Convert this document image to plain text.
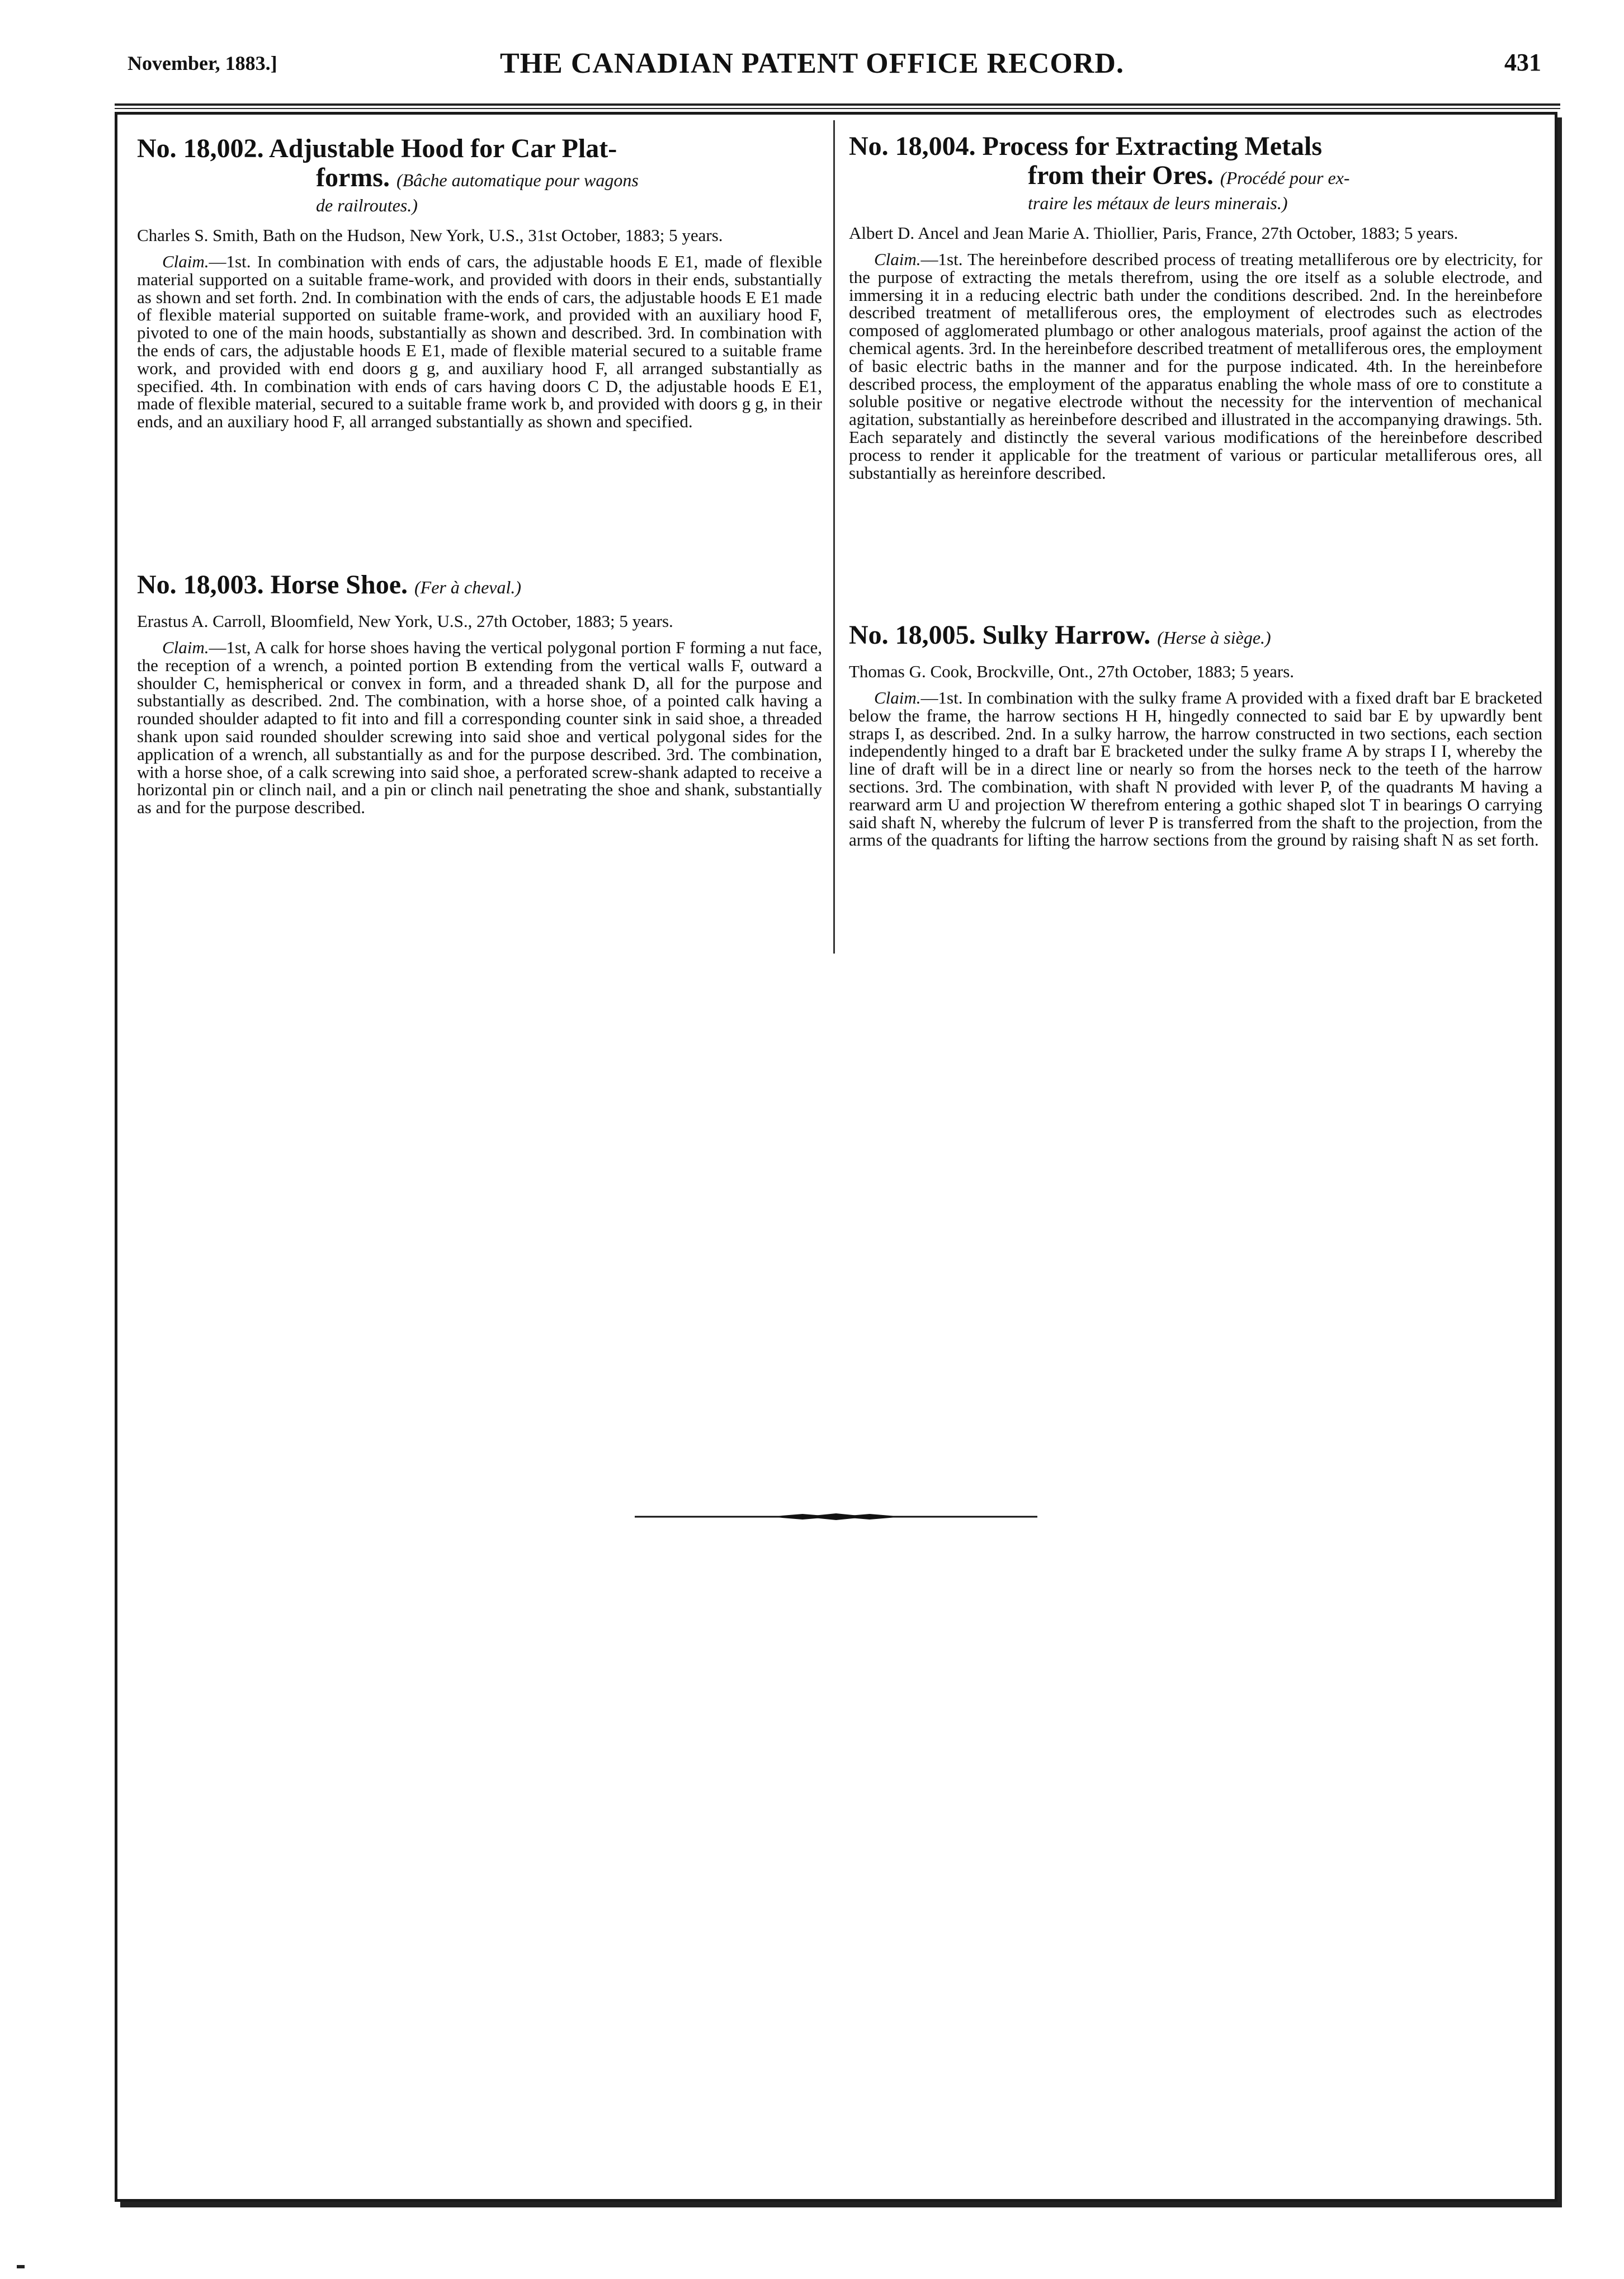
November, 1883.]	THE CANADIAN PATENT OFFICE RECORD.	431

No. 18,002. Adjustable Hood for Car Plat-
forms. (Bâche automatique pour wagons
de railroutes.)

Charles S. Smith, Bath on the Hudson, New York, U.S., 31st October, 1883; 5 years.

Claim.—1st. In combination with ends of cars, the adjustable hoods E E1, made of flexible material supported on a suitable frame-work, and provided with doors in their ends, substantially as shown and set forth. 2nd. In combination with the ends of cars, the adjustable hoods E E1 made of flexible material supported on suitable frame-work, and provided with an auxiliary hood F, pivoted to one of the main hoods, substantially as shown and described. 3rd. In combination with the ends of cars, the adjustable hoods E E1, made of flexible material secured to a suitable frame work, and provided with end doors g g, and auxiliary hood F, all arranged substantially as specified. 4th. In combination with ends of cars having doors C D, the adjustable hoods E E1, made of flexible material, secured to a suitable frame work b, and provided with doors g g, in their ends, and an auxiliary hood F, all arranged substantially as shown and specified.

No. 18,003. Horse Shoe. (Fer à cheval.)

Erastus A. Carroll, Bloomfield, New York, U.S., 27th October, 1883; 5 years.

Claim.—1st, A calk for horse shoes having the vertical polygonal portion F forming a nut face, the reception of a wrench, a pointed portion B extending from the vertical walls F, outward a shoulder C, hemispherical or convex in form, and a threaded shank D, all for the purpose and substantially as described. 2nd. The combination, with a horse shoe, of a pointed calk having a rounded shoulder adapted to fit into and fill a corresponding counter sink in said shoe, a threaded shank upon said rounded shoulder screwing into said shoe and vertical polygonal sides for the application of a wrench, all substantially as and for the purpose described. 3rd. The combination, with a horse shoe, of a calk screwing into said shoe, a perforated screw-shank adapted to receive a horizontal pin or clinch nail, and a pin or clinch nail penetrating the shoe and shank, substantially as and for the purpose described.

No. 18,004. Process for Extracting Metals
from their Ores. (Procédé pour ex-
traire les métaux de leurs minerais.)

Albert D. Ancel and Jean Marie A. Thiollier, Paris, France, 27th October, 1883; 5 years.

Claim.—1st. The hereinbefore described process of treating metalliferous ore by electricity, for the purpose of extracting the metals therefrom, using the ore itself as a soluble electrode, and immersing it in a reducing electric bath under the conditions described. 2nd. In the hereinbefore described treatment of metalliferous ores, the employment of electrodes such as electrodes composed of agglomerated plumbago or other analogous materials, proof against the action of the chemical agents. 3rd. In the hereinbefore described treatment of metalliferous ores, the employment of basic electric baths in the manner and for the purpose indicated. 4th. In the hereinbefore described process, the employment of the apparatus enabling the whole mass of ore to constitute a soluble positive or negative electrode without the necessity for the intervention of mechanical agitation, substantially as hereinbefore described and illustrated in the accompanying drawings. 5th. Each separately and distinctly the several various modifications of the hereinbefore described process to render it applicable for the treatment of various or particular metalliferous ores, all substantially as hereinfore described.

No. 18,005. Sulky Harrow. (Herse à siège.)

Thomas G. Cook, Brockville, Ont., 27th October, 1883; 5 years.

Claim.—1st. In combination with the sulky frame A provided with a fixed draft bar E bracketed below the frame, the harrow sections H H, hingedly connected to said bar E by upwardly bent straps I, as described. 2nd. In a sulky harrow, the harrow constructed in two sections, each section independently hinged to a draft bar E bracketed under the sulky frame A by straps I I, whereby the line of draft will be in a direct line or nearly so from the horses neck to the teeth of the harrow sections. 3rd. The combination, with shaft N provided with lever P, of the quadrants M having a rearward arm U and projection W therefrom entering a gothic shaped slot T in bearings O carrying said shaft N, whereby the fulcrum of lever P is transferred from the shaft to the projection, from the arms of the quadrants for lifting the harrow sections from the ground by raising shaft N as set forth.
